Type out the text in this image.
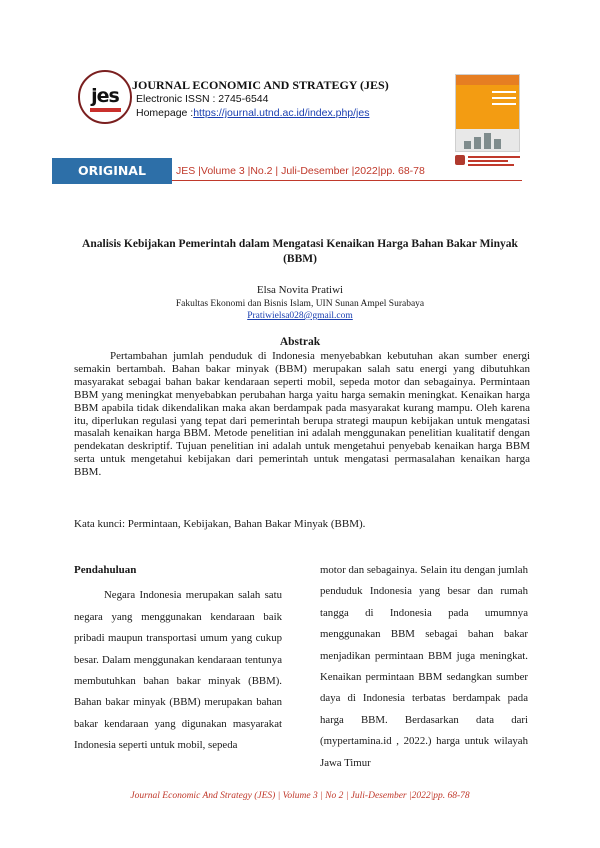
jes	JOURNAL ECONOMIC AND STRATEGY (JES)
Electronic ISSN : 2745-6544
Homepage :https://journal.utnd.ac.id/index.php/jes
ORIGINAL ARTICEL
JES |Volume 3 |No.2 | Juli-Desember |2022|pp. 68-78
Analisis Kebijakan Pemerintah dalam Mengatasi Kenaikan Harga Bahan Bakar Minyak (BBM)
Elsa Novita Pratiwi
Fakultas Ekonomi dan Bisnis Islam, UIN Sunan Ampel Surabaya
Pratiwielsa028@gmail.com
Abstrak

Pertambahan jumlah penduduk di Indonesia menyebabkan kebutuhan akan sumber energi semakin bertambah. Bahan bakar minyak (BBM) merupakan salah satu energi yang dibutuhkan masyarakat sebagai bahan bakar kendaraan seperti mobil, sepeda motor dan sebagainya. Permintaan BBM yang meningkat menyebabkan perubahan harga yaitu harga semakin meningkat. Kenaikan harga BBM apabila tidak dikendalikan maka akan berdampak pada masyarakat kurang mampu. Oleh karena itu, diperlukan regulasi yang tepat dari pemerintah berupa strategi maupun kebijakan untuk mengatasi masalah kenaikan harga BBM. Metode penelitian ini adalah menggunakan penelitian kualitatif dengan pendekatan deskriptif. Tujuan penelitian ini adalah untuk mengetahui penyebab kenaikan harga BBM serta untuk mengetahui kebijakan dari pemerintah untuk mengatasi permasalahan kenaikan harga BBM.

Kata kunci: Permintaan, Kebijakan, Bahan Bakar Minyak (BBM).

Pendahuluan

Negara Indonesia merupakan salah satu negara yang menggunakan kendaraan baik pribadi maupun transportasi umum yang cukup besar. Dalam menggunakan kendaraan tentunya membutuhkan bahan bakar minyak (BBM). Bahan bakar minyak (BBM) merupakan bahan bakar kendaraan yang digunakan masyarakat Indonesia seperti untuk mobil, sepeda

motor dan sebagainya. Selain itu dengan jumlah penduduk Indonesia yang besar dan rumah tangga di Indonesia pada umumnya menggunakan BBM sebagai bahan bakar menjadikan permintaan BBM juga meningkat. Kenaikan permintaan BBM sedangkan sumber daya di Indonesia terbatas berdampak pada harga BBM. Berdasarkan data dari (mypertamina.id , 2022.) harga untuk wilayah Jawa Timur

Journal Economic And Strategy (JES) | Volume 3 | No 2 | Juli-Desember |2022|pp. 68-78
